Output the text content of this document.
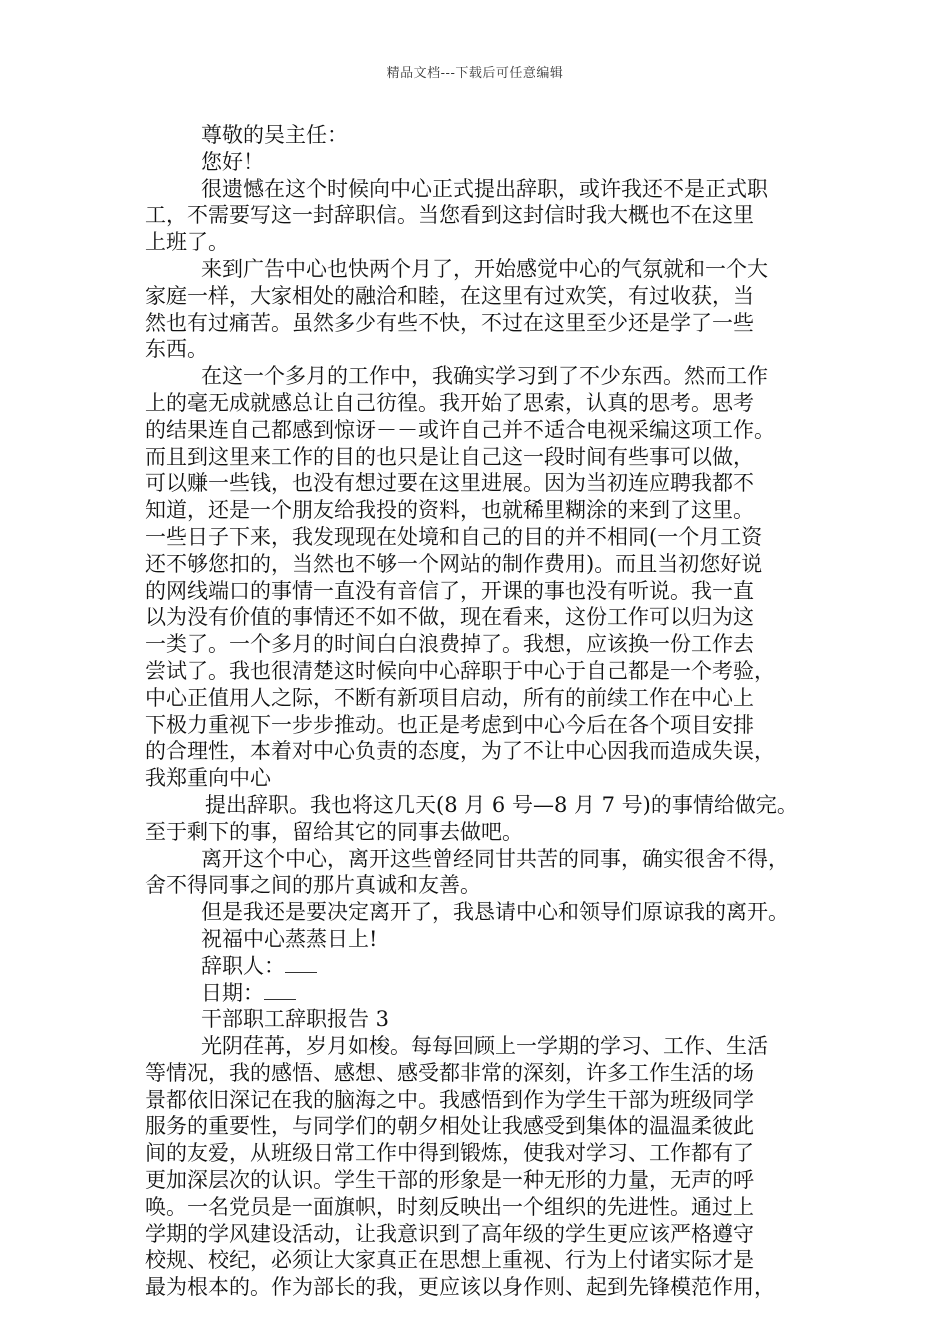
精品文档---下载后可任意编辑
尊敬的吴主任：
您好！
很遗憾在这个时候向中心正式提出辞职，或许我还不是正式职
工，不需要写这一封辞职信。当您看到这封信时我大概也不在这里
上班了。
来到广告中心也快两个月了，开始感觉中心的气氛就和一个大
家庭一样，大家相处的融洽和睦，在这里有过欢笑，有过收获，当
然也有过痛苦。虽然多少有些不快，不过在这里至少还是学了一些
东西。
在这一个多月的工作中，我确实学习到了不少东西。然而工作
上的毫无成就感总让自己彷徨。我开始了思索，认真的思考。思考
的结果连自己都感到惊讶－－或许自己并不适合电视采编这项工作。
而且到这里来工作的目的也只是让自己这一段时间有些事可以做，
可以赚一些钱，也没有想过要在这里进展。因为当初连应聘我都不
知道，还是一个朋友给我投的资料，也就稀里糊涂的来到了这里。
一些日子下来，我发现现在处境和自己的目的并不相同(一个月工资
还不够您扣的，当然也不够一个网站的制作费用)。而且当初您好说
的网线端口的事情一直没有音信了，开课的事也没有听说。我一直
以为没有价值的事情还不如不做，现在看来，这份工作可以归为这
一类了。一个多月的时间白白浪费掉了。我想，应该换一份工作去
尝试了。我也很清楚这时候向中心辞职于中心于自己都是一个考验，
中心正值用人之际，不断有新项目启动，所有的前续工作在中心上
下极力重视下一步步推动。也正是考虑到中心今后在各个项目安排
的合理性，本着对中心负责的态度，为了不让中心因我而造成失误，
我郑重向中心
提出辞职。我也将这几天(8 月 6 号—8 月 7 号)的事情给做完。
至于剩下的事，留给其它的同事去做吧。
离开这个中心，离开这些曾经同甘共苦的同事，确实很舍不得，
舍不得同事之间的那片真诚和友善。
但是我还是要决定离开了，我恳请中心和领导们原谅我的离开。
祝福中心蒸蒸日上!
辞职人：
日期：
干部职工辞职报告 3
光阴荏苒，岁月如梭。每每回顾上一学期的学习、工作、生活
等情况，我的感悟、感想、感受都非常的深刻，许多工作生活的场
景都依旧深记在我的脑海之中。我感悟到作为学生干部为班级同学
服务的重要性，与同学们的朝夕相处让我感受到集体的温温柔彼此
间的友爱，从班级日常工作中得到锻炼，使我对学习、工作都有了
更加深层次的认识。学生干部的形象是一种无形的力量，无声的呼
唤。一名党员是一面旗帜，时刻反映出一个组织的先进性。通过上
学期的学风建设活动，让我意识到了高年级的学生更应该严格遵守
校规、校纪，必须让大家真正在思想上重视、行为上付诸实际才是
最为根本的。作为部长的我，更应该以身作则、起到先锋模范作用，
